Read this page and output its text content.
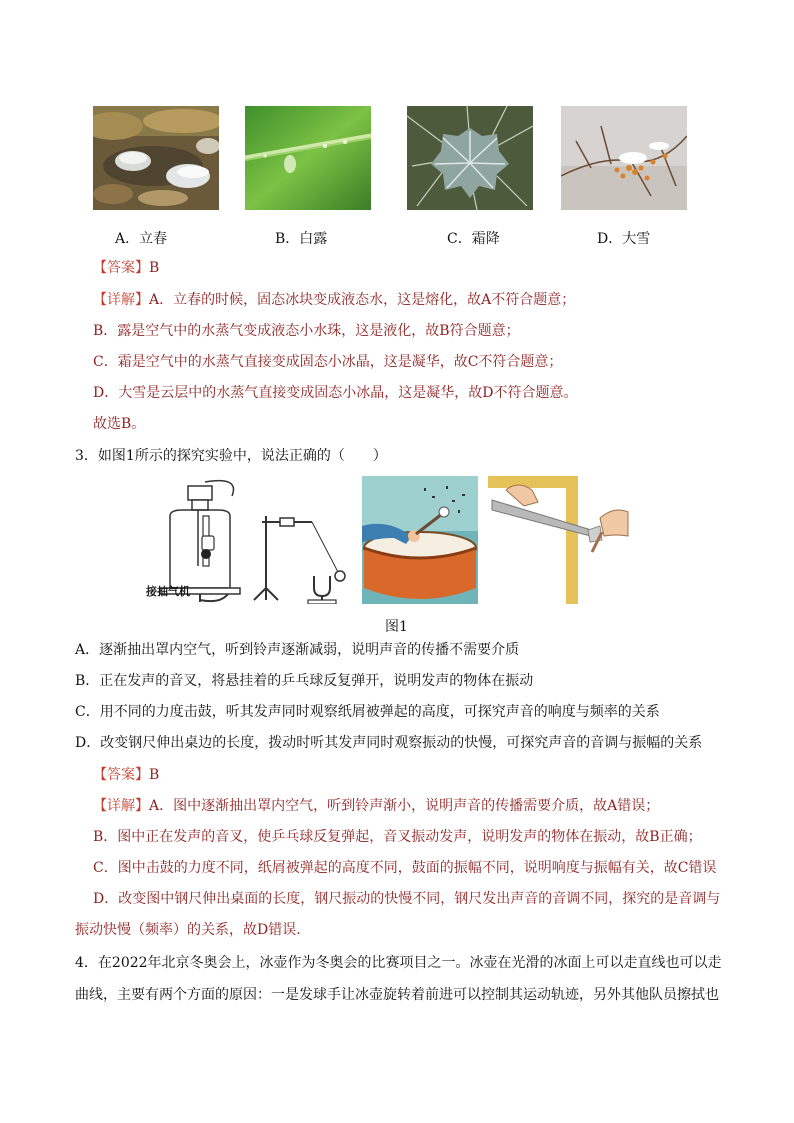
A．立春	B．白露	C．霜降	D．大雪
【答案】B
【详解】A．立春的时候，固态冰块变成液态水，这是熔化，故A不符合题意；
B．露是空气中的水蒸气变成液态小水珠，这是液化，故B符合题意；
C．霜是空气中的水蒸气直接变成固态小冰晶，这是凝华，故C不符合题意；
D．大雪是云层中的水蒸气直接变成固态小冰晶，这是凝华，故D不符合题意。
故选B。
3．如图1所示的探究实验中，说法正确的（　　）
接抽气机
图1
A．逐渐抽出罩内空气，听到铃声逐渐减弱，说明声音的传播不需要介质
B．正在发声的音叉，将悬挂着的乒乓球反复弹开，说明发声的物体在振动
C．用不同的力度击鼓，听其发声同时观察纸屑被弹起的高度，可探究声音的响度与频率的关系
D．改变钢尺伸出桌边的长度，拨动时听其发声同时观察振动的快慢，可探究声音的音调与振幅的关系
【答案】B
【详解】A．图中逐渐抽出罩内空气，听到铃声渐小，说明声音的传播需要介质，故A错误；
B．图中正在发声的音叉，使乒乓球反复弹起，音叉振动发声，说明发声的物体在振动，故B正确；
C．图中击鼓的力度不同，纸屑被弹起的高度不同，鼓面的振幅不同，说明响度与振幅有关，故C错误
D．改变图中钢尺伸出桌面的长度，钢尺振动的快慢不同，钢尺发出声音的音调不同，探究的是音调与
振动快慢（频率）的关系，故D错误.
4．在2022年北京冬奥会上，冰壶作为冬奥会的比赛项目之一。冰壶在光滑的冰面上可以走直线也可以走
曲线，主要有两个方面的原因：一是发球手让冰壶旋转着前进可以控制其运动轨迹，另外其他队员擦拭也
